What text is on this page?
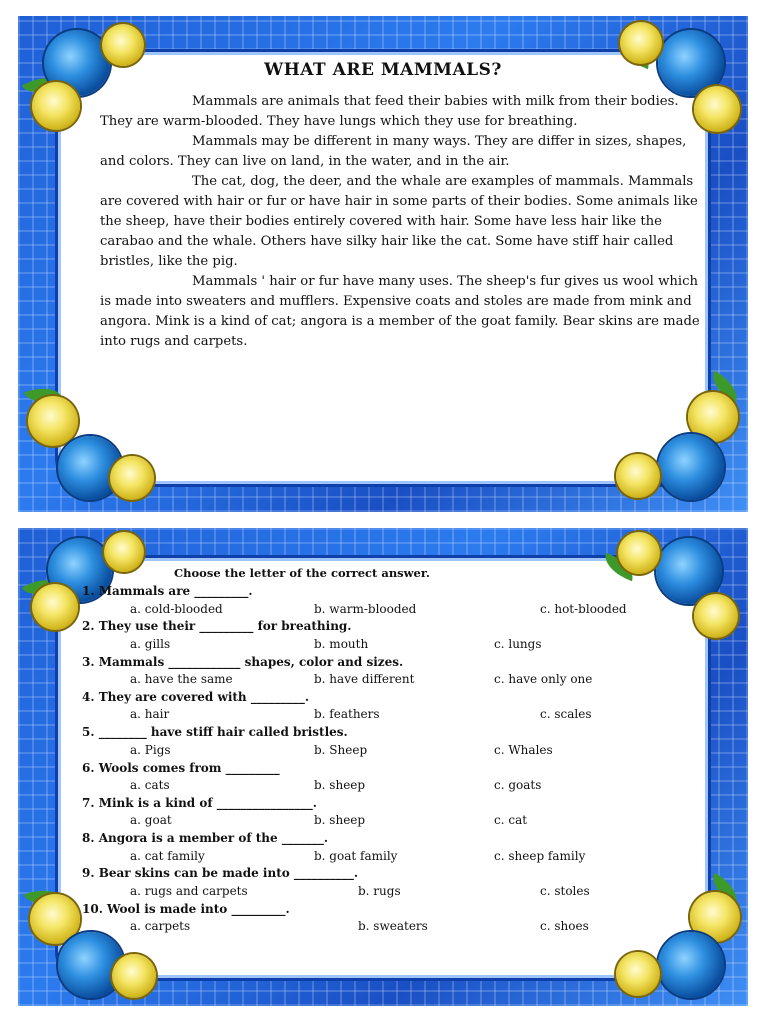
WHAT ARE MAMMALS?
Mammals are animals that feed their babies with milk from their bodies. They are warm-blooded. They have lungs which they use for breathing.
Mammals may be different in many ways. They are differ in sizes, shapes, and colors. They can live on land, in the water, and in the air.
The cat, dog, the deer, and the whale are examples of mammals. Mammals are covered with hair or fur or have hair in some parts of their bodies. Some animals like the sheep, have their bodies entirely covered with hair. Some have less hair like the carabao and the whale. Others have silky hair like the cat. Some have stiff hair called bristles, like the pig.
Mammals ' hair or fur have many uses. The sheep's fur gives us wool which is made into sweaters and mufflers. Expensive coats and stoles are made from mink and angora. Mink is a kind of cat; angora is a member of the goat family. Bear skins are made into rugs and carpets.
Choose the letter of the correct answer.
1. Mammals are _________.
a. cold-blooded	b. warm-blooded	c. hot-blooded
2. They use their _________ for breathing.
a. gills	b. mouth	c. lungs
3. Mammals ____________ shapes, color and sizes.
a. have the same	b. have different	c. have only one
4. They are covered with _________.
a. hair	b. feathers	c. scales
5. ________ have stiff hair called bristles.
a. Pigs	b. Sheep	c. Whales
6. Wools comes from _________
a. cats	b. sheep	c. goats
7. Mink is a kind of ________________.
a. goat	b. sheep	c. cat
8. Angora is a member of the _______.
a. cat family	b. goat family	c. sheep family
9. Bear skins can be made into __________.
a. rugs and carpets	b. rugs	c. stoles
10. Wool is made into _________.
a. carpets	b. sweaters	c. shoes
